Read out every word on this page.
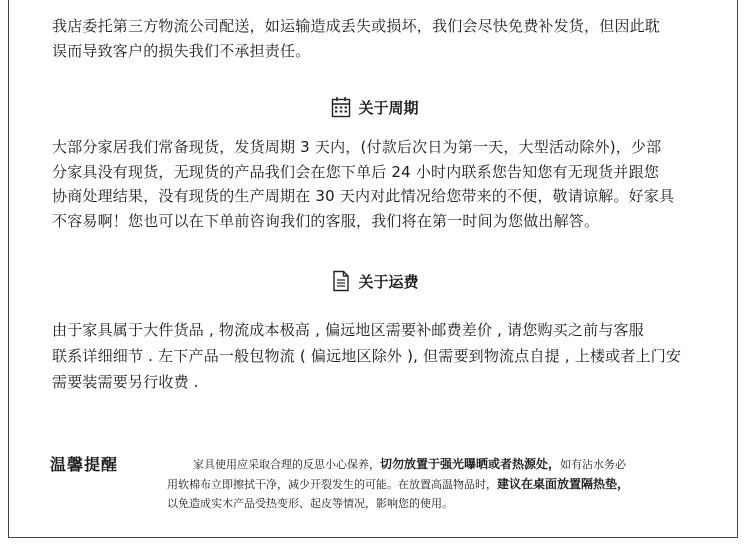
我店委托第三方物流公司配送，如运输造成丢失或损坏，我们会尽快免费补发货，但因此耽
误而导致客户的损失我们不承担责任。
关于周期
大部分家居我们常备现货，发货周期 3 天内，(付款后次日为第一天，大型活动除外)，少部
分家具没有现货，无现货的产品我们会在您下单后 24 小时内联系您告知您有无现货并跟您
协商处理结果，没有现货的生产周期在 30 天内对此情况给您带来的不便，敬请谅解。好家具
不容易啊！您也可以在下单前咨询我们的客服，我们将在第一时间为您做出解答。
关于运费
由于家具属于大件货品 , 物流成本极高 , 偏远地区需要补邮费差价 , 请您购买之前与客服
联系详细细节 . 左下产品一般包物流 ( 偏远地区除外 ), 但需要到物流点自提 , 上楼或者上门安
需要装需要另行收费 .
温馨提醒	家具使用应采取合理的反思小心保养，切勿放置于强光曝晒或者热源处，如有沾水务必
用软棉布立即擦拭干净，减少开裂发生的可能。在放置高温物品时，建议在桌面放置隔热垫，
以免造成实木产品受热变形、起皮等情况，影响您的使用。
